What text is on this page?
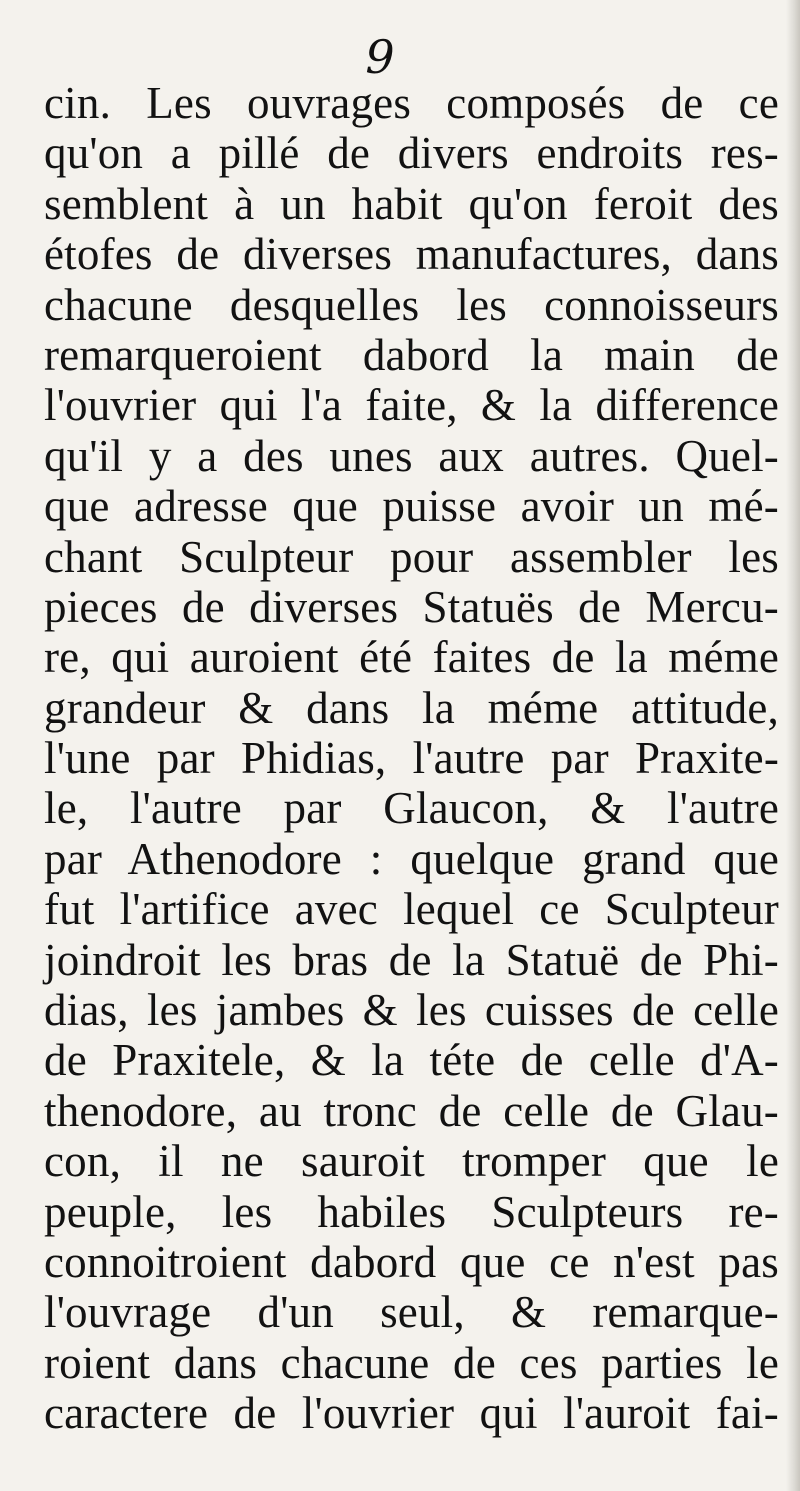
9
cin. Les ouvrages composés de ce
qu'on a pillé de divers endroits res-
semblent à un habit qu'on feroit des
étofes de diverses manufactures, dans
chacune desquelles les connoisseurs
remarqueroient dabord la main de
l'ouvrier qui l'a faite, & la difference
qu'il y a des unes aux autres. Quel-
que adresse que puisse avoir un mé-
chant Sculpteur pour assembler les
pieces de diverses Statuës de Mercu-
re, qui auroient été faites de la méme
grandeur & dans la méme attitude,
l'une par Phidias, l'autre par Praxite-
le, l'autre par Glaucon, & l'autre
par Athenodore : quelque grand que
fut l'artifice avec lequel ce Sculpteur
joindroit les bras de la Statuë de Phi-
dias, les jambes & les cuisses de celle
de Praxitele, & la téte de celle d'A-
thenodore, au tronc de celle de Glau-
con, il ne sauroit tromper que le
peuple, les habiles Sculpteurs re-
connoitroient dabord que ce n'est pas
l'ouvrage d'un seul, & remarque-
roient dans chacune de ces parties le
caractere de l'ouvrier qui l'auroit fai-
